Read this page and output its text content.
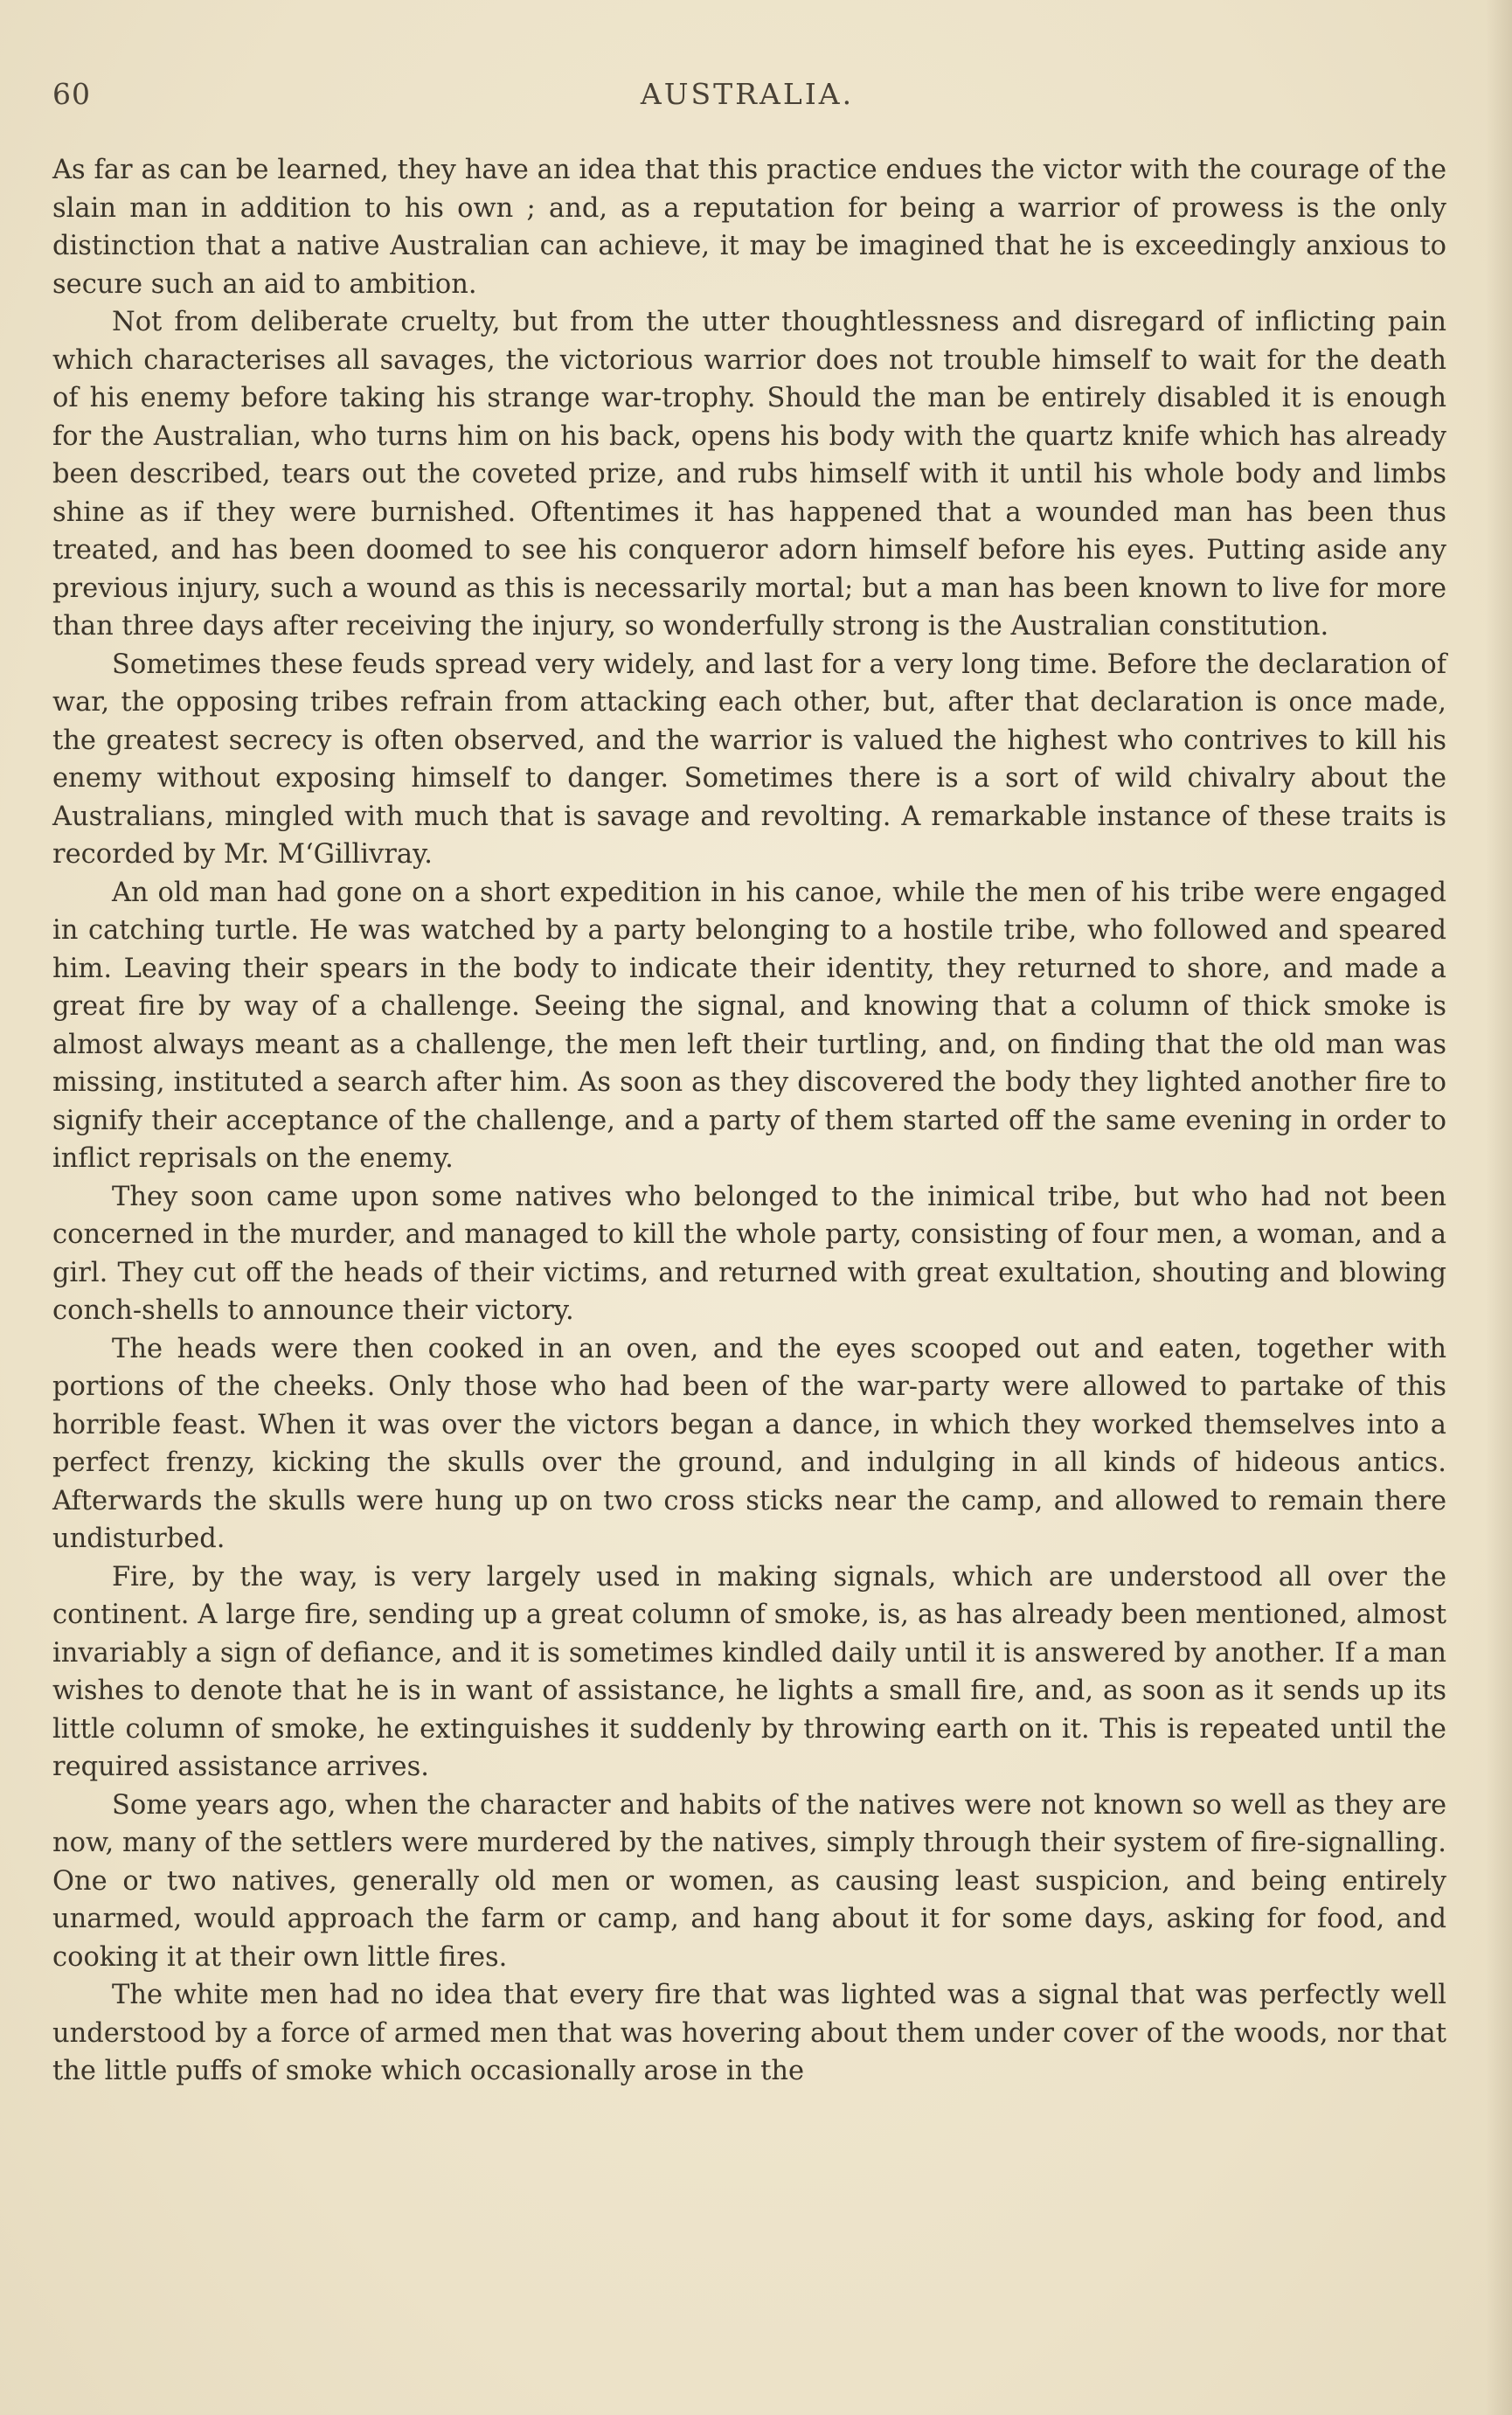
60	AUSTRALIA.

As far as can be learned, they have an idea that this practice endues the victor with the courage of the slain man in addition to his own ; and, as a reputation for being a warrior of prowess is the only distinction that a native Australian can achieve, it may be imagined that he is exceedingly anxious to secure such an aid to ambition.

Not from deliberate cruelty, but from the utter thoughtlessness and disregard of inflicting pain which characterises all savages, the victorious warrior does not trouble himself to wait for the death of his enemy before taking his strange war-trophy. Should the man be entirely disabled it is enough for the Australian, who turns him on his back, opens his body with the quartz knife which has already been described, tears out the coveted prize, and rubs himself with it until his whole body and limbs shine as if they were burnished. Oftentimes it has happened that a wounded man has been thus treated, and has been doomed to see his conqueror adorn himself before his eyes. Putting aside any previous injury, such a wound as this is necessarily mortal; but a man has been known to live for more than three days after receiving the injury, so wonderfully strong is the Australian constitution.

Sometimes these feuds spread very widely, and last for a very long time. Before the declaration of war, the opposing tribes refrain from attacking each other, but, after that declaration is once made, the greatest secrecy is often observed, and the warrior is valued the highest who contrives to kill his enemy without exposing himself to danger. Sometimes there is a sort of wild chivalry about the Australians, mingled with much that is savage and revolting. A remarkable instance of these traits is recorded by Mr. M‘Gillivray.

An old man had gone on a short expedition in his canoe, while the men of his tribe were engaged in catching turtle. He was watched by a party belonging to a hostile tribe, who followed and speared him. Leaving their spears in the body to indicate their identity, they returned to shore, and made a great fire by way of a challenge. Seeing the signal, and knowing that a column of thick smoke is almost always meant as a challenge, the men left their turtling, and, on finding that the old man was missing, instituted a search after him. As soon as they discovered the body they lighted another fire to signify their acceptance of the challenge, and a party of them started off the same evening in order to inflict reprisals on the enemy.

They soon came upon some natives who belonged to the inimical tribe, but who had not been concerned in the murder, and managed to kill the whole party, consisting of four men, a woman, and a girl. They cut off the heads of their victims, and returned with great exultation, shouting and blowing conch-shells to announce their victory.

The heads were then cooked in an oven, and the eyes scooped out and eaten, together with portions of the cheeks. Only those who had been of the war-party were allowed to partake of this horrible feast. When it was over the victors began a dance, in which they worked themselves into a perfect frenzy, kicking the skulls over the ground, and indulging in all kinds of hideous antics. Afterwards the skulls were hung up on two cross sticks near the camp, and allowed to remain there undisturbed.

Fire, by the way, is very largely used in making signals, which are understood all over the continent. A large fire, sending up a great column of smoke, is, as has already been mentioned, almost invariably a sign of defiance, and it is sometimes kindled daily until it is answered by another. If a man wishes to denote that he is in want of assistance, he lights a small fire, and, as soon as it sends up its little column of smoke, he extinguishes it suddenly by throwing earth on it. This is repeated until the required assistance arrives.

Some years ago, when the character and habits of the natives were not known so well as they are now, many of the settlers were murdered by the natives, simply through their system of fire-signalling. One or two natives, generally old men or women, as causing least suspicion, and being entirely unarmed, would approach the farm or camp, and hang about it for some days, asking for food, and cooking it at their own little fires.

The white men had no idea that every fire that was lighted was a signal that was perfectly well understood by a force of armed men that was hovering about them under cover of the woods, nor that the little puffs of smoke which occasionally arose in the
